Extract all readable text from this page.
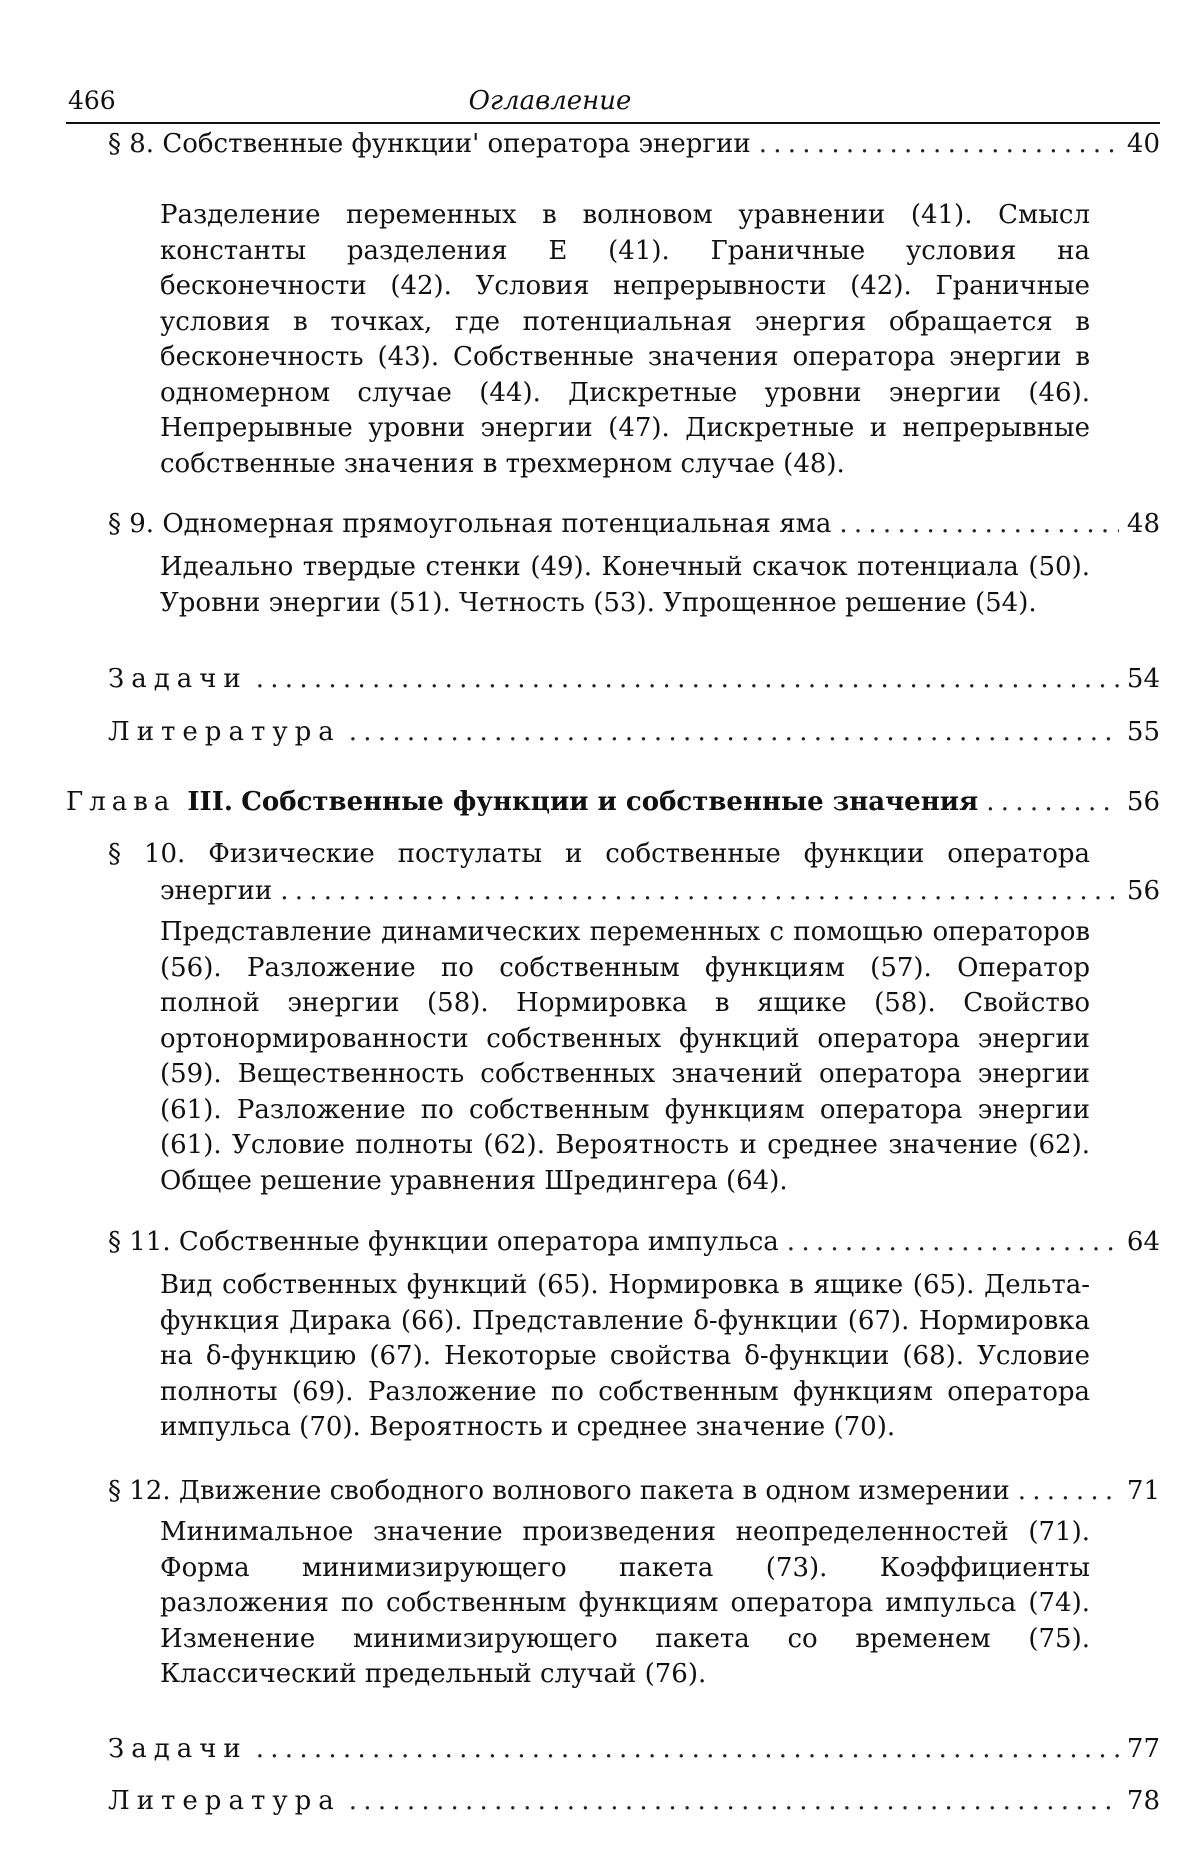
466	Оглавление
§ 8. Собственные функции' оператора энергии . . .	40
Разделение переменных в волновом уравнении (41). Смысл константы разделения E (41). Граничные условия на бесконечности (42). Условия непрерывности (42). Граничные условия в точках, где потенциальная энергия обращается в бесконечность (43). Собственные значения оператора энергии в одномерном случае (44). Дискретные уровни энергии (46). Непрерывные уровни энергии (47). Дискретные и непрерывные собственные значения в трехмерном случае (48).
§ 9. Одномерная прямоугольная потенциальная яма . . .	48
Идеально твердые стенки (49). Конечный скачок потенциала (50). Уровни энергии (51). Четность (53). Упрощенное решение (54).
Задачи . . .	54
Литература . . .	55
Глава III. Собственные функции и собственные значения . . .	56
§ 10. Физические постулаты и собственные функции оператора
энергии . . .	56
Представление динамических переменных с помощью операторов (56). Разложение по собственным функциям (57). Оператор полной энергии (58). Нормировка в ящике (58). Свойство ортонормированности собственных функций оператора энергии (59). Вещественность собственных значений оператора энергии (61). Разложение по собственным функциям оператора энергии (61). Условие полноты (62). Вероятность и среднее значение (62). Общее решение уравнения Шредингера (64).
§ 11. Собственные функции оператора импульса . . .	64
Вид собственных функций (65). Нормировка в ящике (65). Дельта-функция Дирака (66). Представление δ-функции (67). Нормировка на δ-функцию (67). Некоторые свойства δ-функции (68). Условие полноты (69). Разложение по собственным функциям оператора импульса (70). Вероятность и среднее значение (70).
§ 12. Движение свободного волнового пакета в одном измерении . . .	71
Минимальное значение произведения неопределенностей (71). Форма минимизирующего пакета (73). Коэффициенты разложения по собственным функциям оператора импульса (74). Изменение минимизирующего пакета со временем (75). Классический предельный случай (76).
Задачи . . .	77
Литература . . .	78
